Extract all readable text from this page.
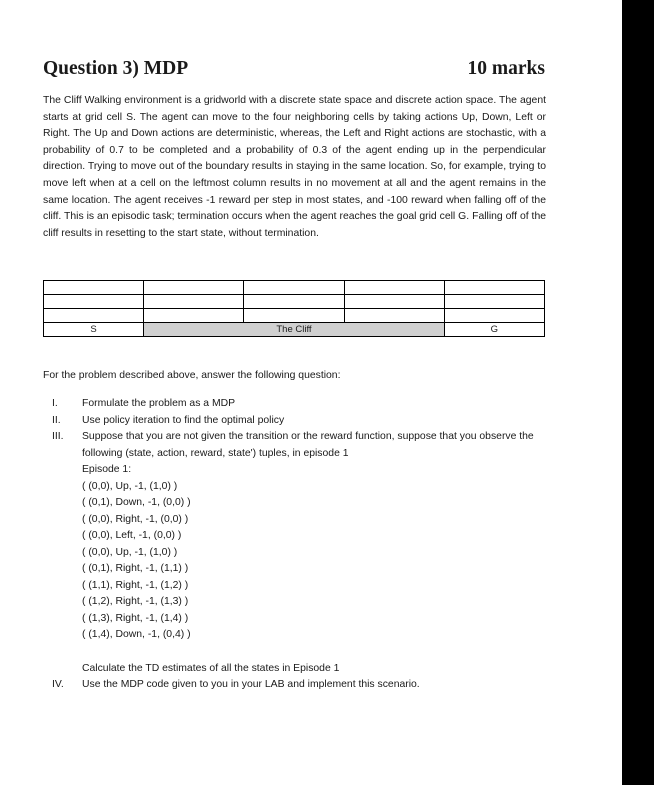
Question 3) MDP	10 marks

The Cliff Walking environment is a gridworld with a discrete state space and discrete action space. The agent starts at grid cell S. The agent can move to the four neighboring cells by taking actions Up, Down, Left or Right. The Up and Down actions are deterministic, whereas, the Left and Right actions are stochastic, with a probability of 0.7 to be completed and a probability of 0.3 of the agent ending up in the perpendicular direction. Trying to move out of the boundary results in staying in the same location. So, for example, trying to move left when at a cell on the leftmost column results in no movement at all and the agent remains in the same location. The agent receives -1 reward per step in most states, and -100 reward when falling off of the cliff. This is an episodic task; termination occurs when the agent reaches the goal grid cell G. Falling off of the cliff results in resetting to the start state, without termination.

S	The Cliff			G

For the problem described above, answer the following question:

I.	Formulate the problem as a MDP
II.	Use policy iteration to find the optimal policy
III.	Suppose that you are not given the transition or the reward function, suppose that you observe the following (state, action, reward, state') tuples, in episode 1
Episode 1:
( (0,0), Up, -1, (1,0) )
( (0,1), Down, -1, (0,0) )
( (0,0), Right, -1, (0,0) )
( (0,0), Left, -1, (0,0) )
( (0,0), Up, -1, (1,0) )
( (0,1), Right, -1, (1,1) )
( (1,1), Right, -1, (1,2) )
( (1,2), Right, -1, (1,3) )
( (1,3), Right, -1, (1,4) )
( (1,4), Down, -1, (0,4) )
Calculate the TD estimates of all the states in Episode 1
IV.	Use the MDP code given to you in your LAB and implement this scenario.
